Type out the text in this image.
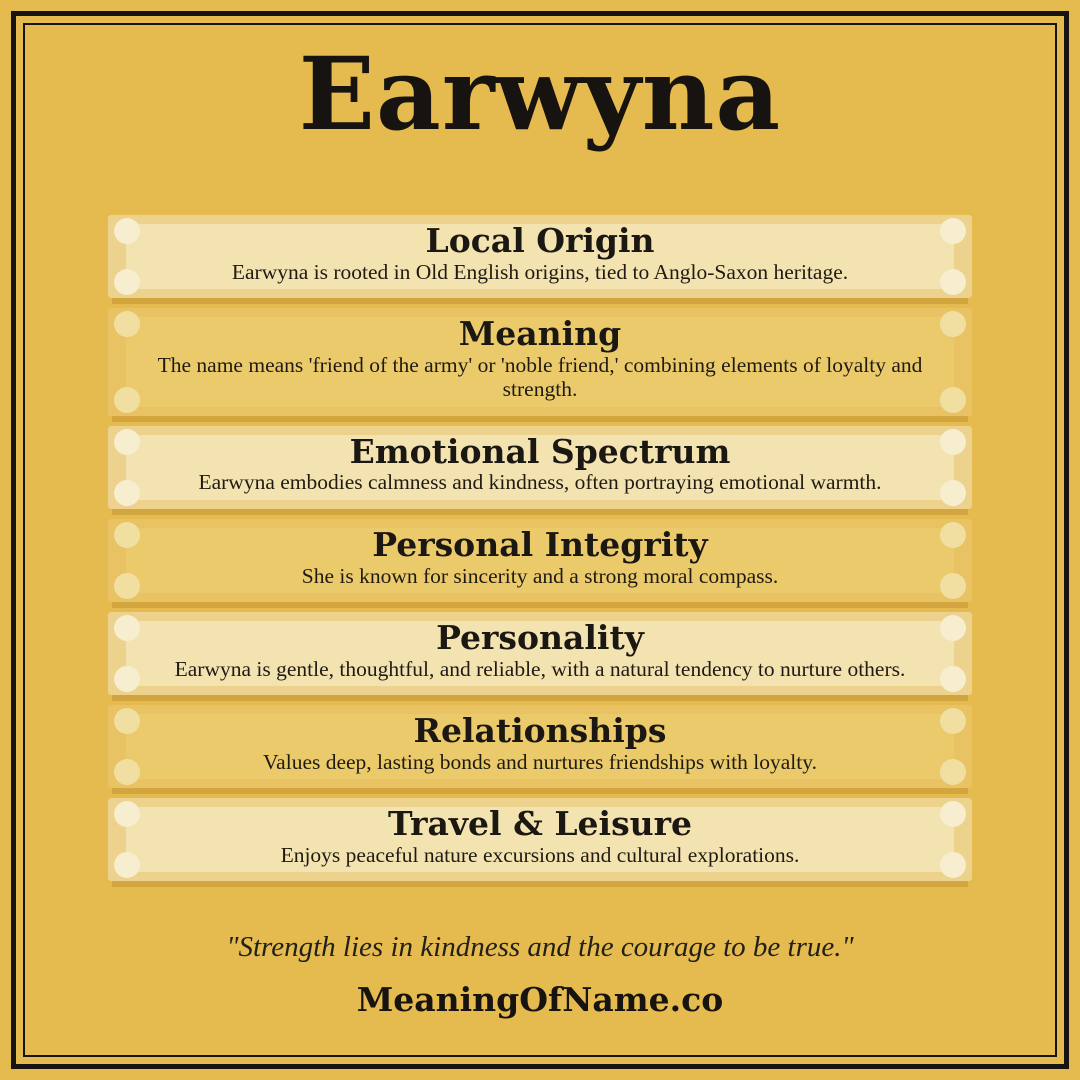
Earwyna
Local Origin

Earwyna is rooted in Old English origins, tied to Anglo-Saxon heritage.

Meaning

The name means 'friend of the army' or 'noble friend,' combining elements of loyalty and strength.

Emotional Spectrum

Earwyna embodies calmness and kindness, often portraying emotional warmth.

Personal Integrity

She is known for sincerity and a strong moral compass.

Personality

Earwyna is gentle, thoughtful, and reliable, with a natural tendency to nurture others.

Relationships

Values deep, lasting bonds and nurtures friendships with loyalty.

Travel & Leisure

Enjoys peaceful nature excursions and cultural explorations.

"Strength lies in kindness and the courage to be true."
MeaningOfName.co
